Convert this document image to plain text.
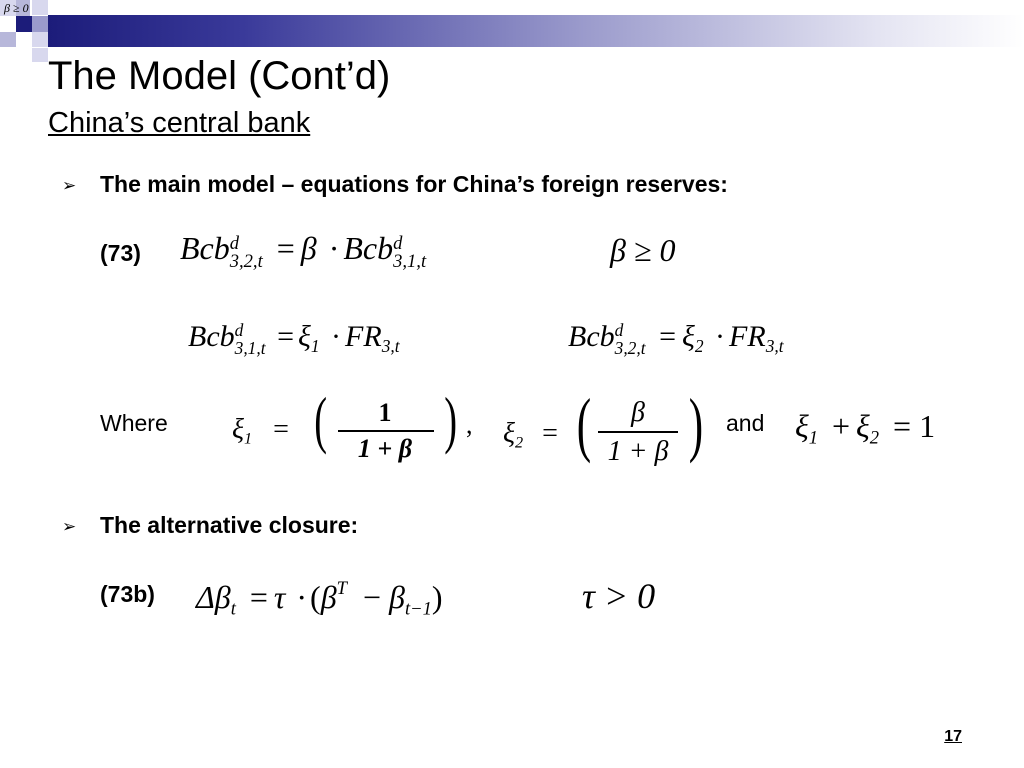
β ≥ 0
The Model (Cont’d)
China’s central bank
➢ The main model – equations for China’s foreign reserves:
(73) Bcb d
3,2,t = β · Bcb d
3,1,t	β ≥ 0
Bcb d
$3,1,t = \xi_1 \cdot FR_{3,t}$	Bcb d
$3,2,t = \xi_2 \cdot FR_{3,t}$
Where $\xi_1$ = (	1
1 + β ) , $\xi_2$ = (	β
1 + β ) and $\xi_1 + \xi_2 = 1$
➢ The alternative closure:
(73b) $\Delta\beta_t = \tau \cdot(\beta^T - \beta_{t-1})$	τ > 0
17
